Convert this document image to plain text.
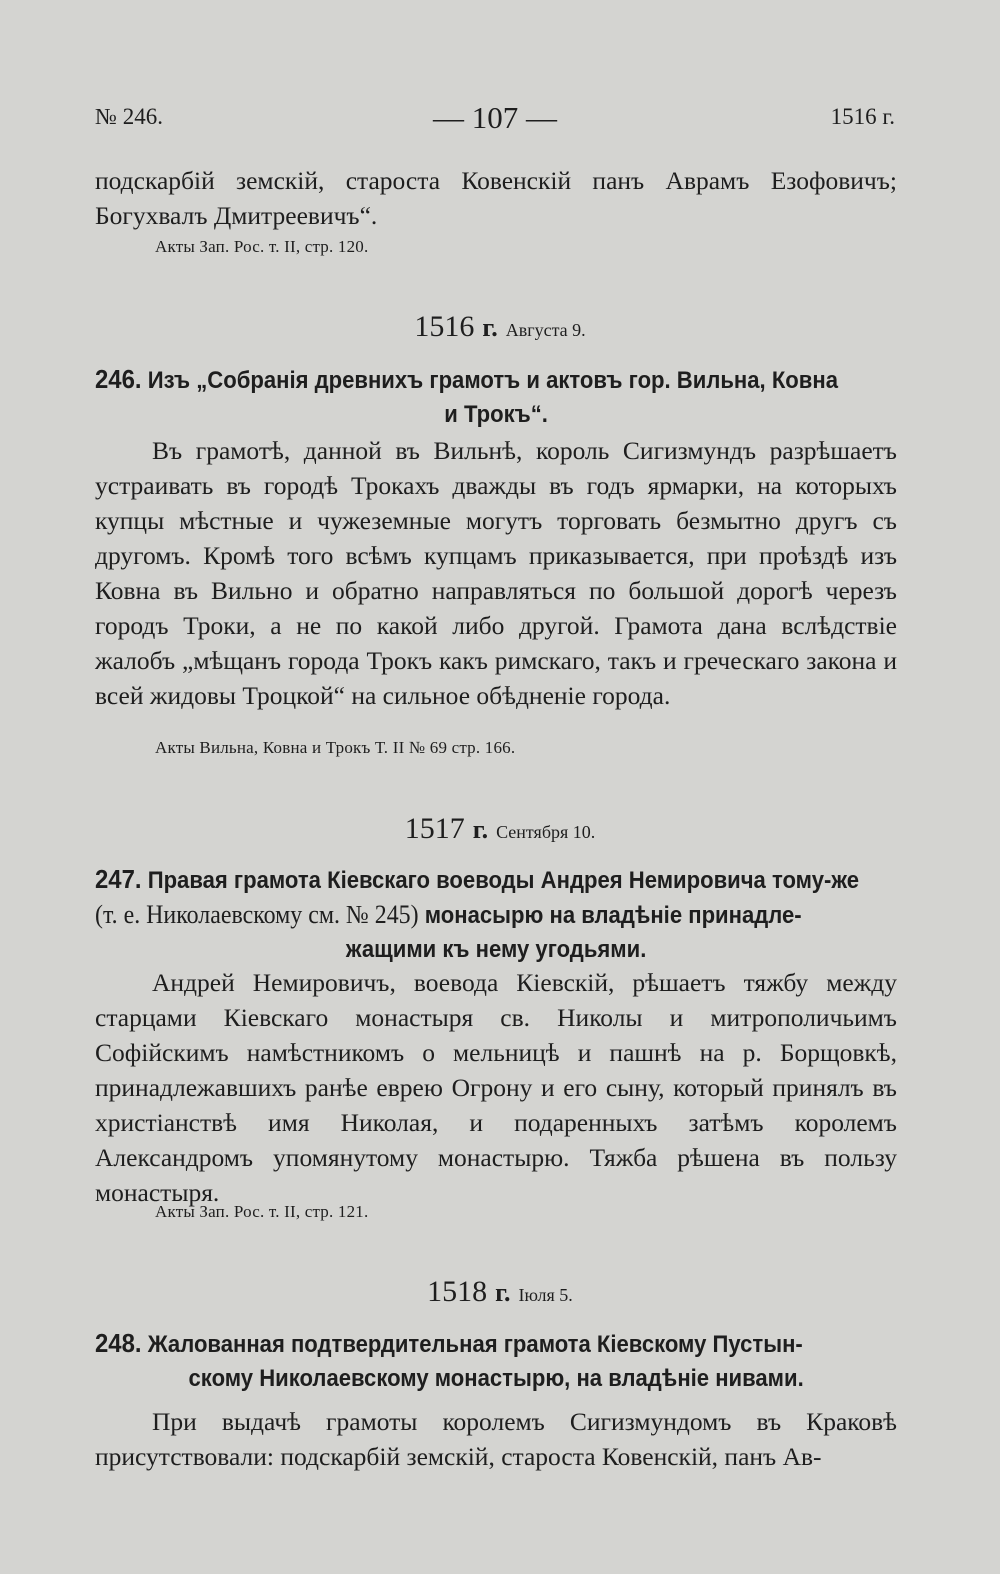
— 107 —
№ 246.	1516 г.
подскарбій земскій, староста Ковенскій панъ Аврамъ Езофовичъ; Богухвалъ Дмитреевичъ“.
Акты Зап. Рос. т. II, стр. 120.
1516 г. Августа 9.
246. Изъ „Собранія древнихъ грамотъ и актовъ гор. Вильна, Ковна
и Трокъ“.
Въ грамотѣ, данной въ Вильнѣ, король Сигизмундъ разрѣшаетъ устраивать въ городѣ Трокахъ дважды въ годъ ярмарки, на которыхъ купцы мѣстные и чужеземные могутъ торговать безмытно другъ съ другомъ. Кромѣ того всѣмъ купцамъ приказывается, при проѣздѣ изъ Ковна въ Вильно и обратно направляться по большой дорогѣ черезъ городъ Троки, а не по какой либо другой. Грамота дана вслѣдствіе жалобъ „мѣщанъ города Трокъ какъ римскаго, такъ и греческаго закона и всей жидовы Троцкой“ на сильное обѣдненіе города.
Акты Вильна, Ковна и Трокъ Т. II № 69 стр. 166.
1517 г. Сентября 10.
247. Правая грамота Кіевскаго воеводы Андрея Немировича тому-же
(т. е. Николаевскому см. № 245) монасырю на владѣніе принадле-
жащими къ нему угодьями.
Андрей Немировичъ, воевода Кіевскій, рѣшаетъ тяжбу между старцами Кіевскаго монастыря св. Николы и митрополичьимъ Софійскимъ намѣстникомъ о мельницѣ и пашнѣ на р. Борщовкѣ, принадлежавшихъ ранѣе еврею Огрону и его сыну, который принялъ въ христіанствѣ имя Николая, и подаренныхъ затѣмъ королемъ Александромъ упомянутому монастырю. Тяжба рѣшена въ пользу монастыря.
Акты Зап. Рос. т. II, стр. 121.
1518 г. Іюля 5.
248. Жалованная подтвердительная грамота Кіевскому Пустын-
скому Николаевскому монастырю, на владѣніе нивами.
При выдачѣ грамоты королемъ Сигизмундомъ въ Краковѣ присутствовали: подскарбій земскій, староста Ковенскій, панъ Ав-
